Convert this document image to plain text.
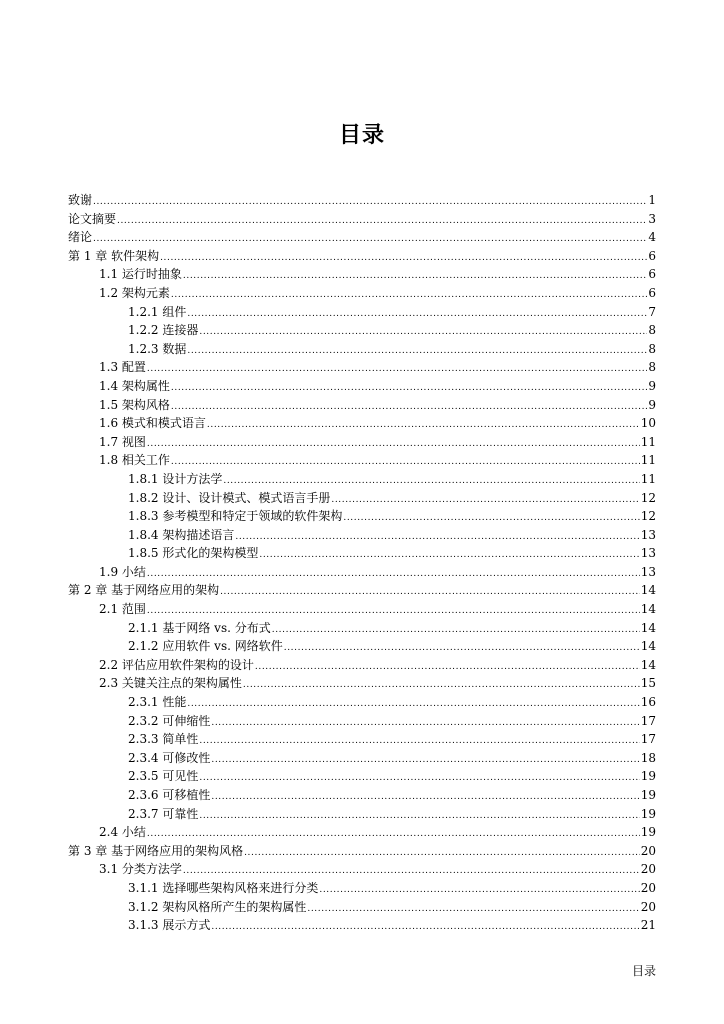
目录
致谢 .....	1
论文摘要 .....	3
绪论 .....	4
第 1 章 软件架构 .....	6
1.1 运行时抽象 .....	6
1.2 架构元素 .....	6
1.2.1 组件 .....	7
1.2.2 连接器 .....	8
1.2.3 数据 .....	8
1.3 配置 .....	8
1.4 架构属性 .....	9
1.5 架构风格 .....	9
1.6 模式和模式语言 .....	10
1.7 视图 .....	11
1.8 相关工作 .....	11
1.8.1 设计方法学 .....	11
1.8.2 设计、设计模式、模式语言手册 .....	12
1.8.3 参考模型和特定于领域的软件架构 .....	12
1.8.4 架构描述语言 .....	13
1.8.5 形式化的架构模型 .....	13
1.9 小结 .....	13
第 2 章 基于网络应用的架构 .....	14
2.1 范围 .....	14
2.1.1 基于网络 vs. 分布式 .....	14
2.1.2 应用软件 vs. 网络软件 .....	14
2.2 评估应用软件架构的设计 .....	14
2.3 关键关注点的架构属性 .....	15
2.3.1 性能 .....	16
2.3.2 可伸缩性 .....	17
2.3.3 简单性 .....	17
2.3.4 可修改性 .....	18
2.3.5 可见性 .....	19
2.3.6 可移植性 .....	19
2.3.7 可靠性 .....	19
2.4 小结 .....	19
第 3 章 基于网络应用的架构风格 .....	20
3.1 分类方法学 .....	20
3.1.1 选择哪些架构风格来进行分类 .....	20
3.1.2 架构风格所产生的架构属性 .....	20
3.1.3 展示方式 .....	21
目录
